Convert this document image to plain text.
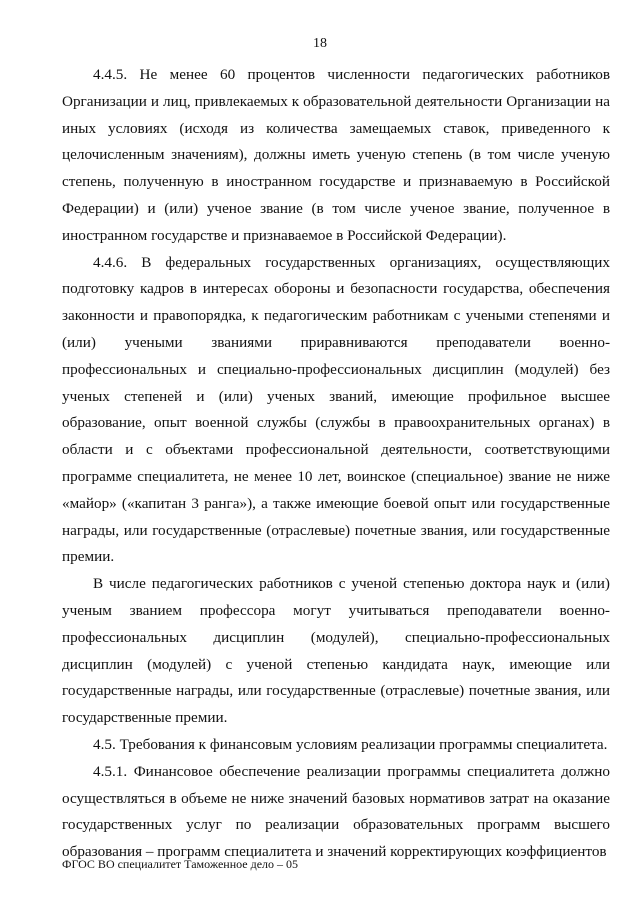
18

4.4.5. Не менее 60 процентов численности педагогических работников Организации и лиц, привлекаемых к образовательной деятельности Организации на иных условиях (исходя из количества замещаемых ставок, приведенного к целочисленным значениям), должны иметь ученую степень (в том числе ученую степень, полученную в иностранном государстве и признаваемую в Российской Федерации) и (или) ученое звание (в том числе ученое звание, полученное в иностранном государстве и признаваемое в Российской Федерации).

4.4.6. В федеральных государственных организациях, осуществляющих подготовку кадров в интересах обороны и безопасности государства, обеспечения законности и правопорядка, к педагогическим работникам с учеными степенями и (или) учеными званиями приравниваются преподаватели военно-профессиональных и специально-профессиональных дисциплин (модулей) без ученых степеней и (или) ученых званий, имеющие профильное высшее образование, опыт военной службы (службы в правоохранительных органах) в области и с объектами профессиональной деятельности, соответствующими программе специалитета, не менее 10 лет, воинское (специальное) звание не ниже «майор» («капитан 3 ранга»), а также имеющие боевой опыт или государственные награды, или государственные (отраслевые) почетные звания, или государственные премии.

В числе педагогических работников с ученой степенью доктора наук и (или) ученым званием профессора могут учитываться преподаватели военно-профессиональных дисциплин (модулей), специально-профессиональных дисциплин (модулей) с ученой степенью кандидата наук, имеющие или государственные награды, или государственные (отраслевые) почетные звания, или государственные премии.

4.5. Требования к финансовым условиям реализации программы специалитета.

4.5.1. Финансовое обеспечение реализации программы специалитета должно осуществляться в объеме не ниже значений базовых нормативов затрат на оказание государственных услуг по реализации образовательных программ высшего образования – программ специалитета и значений корректирующих коэффициентов

ФГОС ВО специалитет Таможенное дело – 05
